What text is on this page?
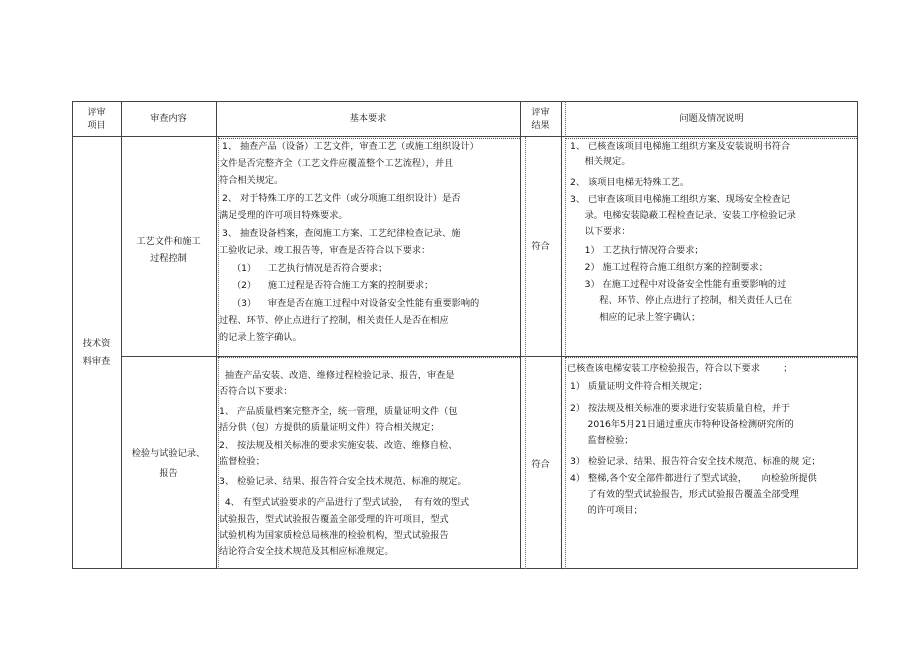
评审
项目
审查内容	基本要求
评审
结果
问题及情况说明
技术资
料审查
工艺文件和施工
过程控制
符合
1、 抽查产品（设备）工艺文件，审查工艺（或施工组织设计）
文件是否完整齐全（工艺文件应覆盖整个工艺流程），并且
符合相关规定。
2、 对于特殊工序的工艺文件（或分项施工组织设计）是否
满足受理的许可项目特殊要求。
3、 抽查设备档案，查阅施工方案、工艺纪律检查记录、施
工验收记录、竣工报告等，审查是否符合以下要求：
（1）    工艺执行情况是否符合要求；
（2）    施工过程是否符合施工方案的控制要求；
（3）    审查是否在施工过程中对设备安全性能有重要影响的
过程、环节、停止点进行了控制，相关责任人是否在相应
的记录上签字确认。
1、 已核查该项目电梯施工组织方案及安装说明书符合
相关规定。
2、 该项目电梯无特殊工艺。
3、 已审查该项目电梯施工组织方案、现场安全检查记
录。电梯安装隐蔽工程检查记录、安装工序检验记录
以下要求：
1） 工艺执行情况符合要求；
2） 施工过程符合施工组织方案的控制要求；
3） 在施工过程中对设备安全性能有重要影响的过
程、环节、停止点进行了控制，相关责任人已在
相应的记录上签字确认；
检验与试验记录、
报告
符合
抽查产品安装、改造、维修过程检验记录、报告，审查是
否符合以下要求：
1、 产品质量档案完整齐全，统一管理，质量证明文件（包
括分供（包）方提供的质量证明文件）符合相关规定；
2、 按法规及相关标准的要求实施安装、改造、维修自检、
监督检验；
3、 检验记录、结果、报告符合安全技术规范、标准的规定。
4、 有型式试验要求的产品进行了型式试验，  有有效的型式
试验报告，型式试验报告覆盖全部受理的许可项目，型式
试验机构为国家质检总局核准的检验机构，型式试验报告
结论符合安全技术规范及其相应标准规定。
已核查该电梯安装工序检验报告，符合以下要求        ；
1） 质量证明文件符合相关规定；
2） 按法规及相关标准的要求进行安装质量自检，并于
2016年5月21日通过重庆市特种设备检测研究所的
监督检验；
3） 检验记录、结果、报告符合安全技术规范、标准的规 定；
4） 整梯,各个安全部件都进行了型式试验，     向检验所提供
了有效的型式试验报告，形式试验报告覆盖全部受理
的许可项目；
